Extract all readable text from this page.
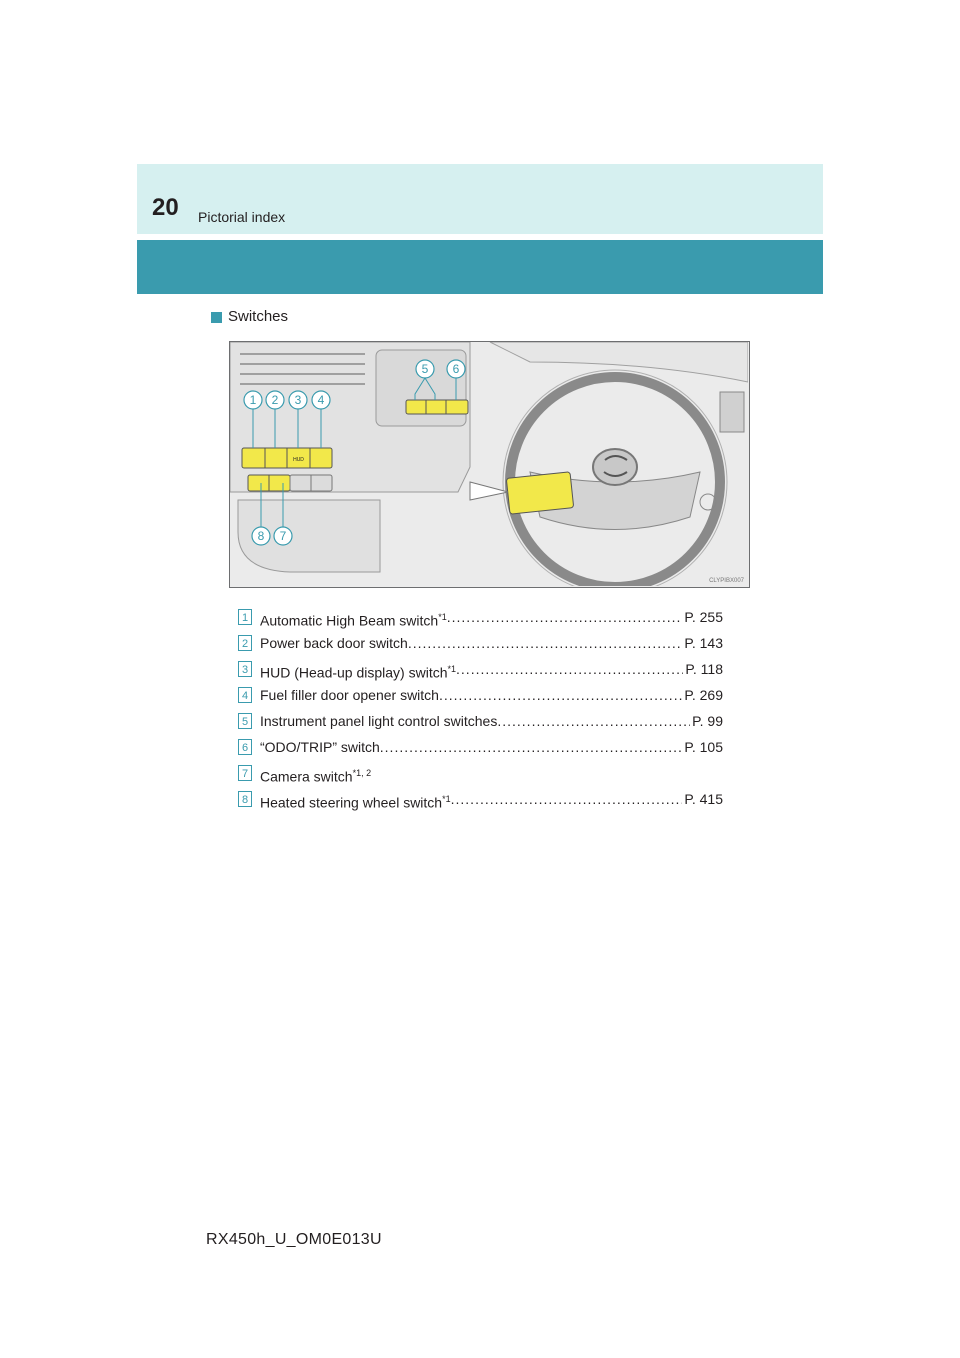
20 Pictorial index
Switches
HUD
1 2 3 4
5 6
7
8
CLYPIBX007
1 Automatic High Beam switch$^{*1}$ .....	P. 255
2 Power back door switch .....	P. 143
3 HUD (Head-up display) switch$^{*1}$ .....	P. 118
4 Fuel filler door opener switch .....	P. 269
5 Instrument panel light control switches .....	P. 99
6 “ODO/TRIP” switch .....	P. 105
7 Camera switch$^{*1, 2}$
8 Heated steering wheel switch$^{*1}$ .....	P. 415
RX450h_U_OM0E013U
